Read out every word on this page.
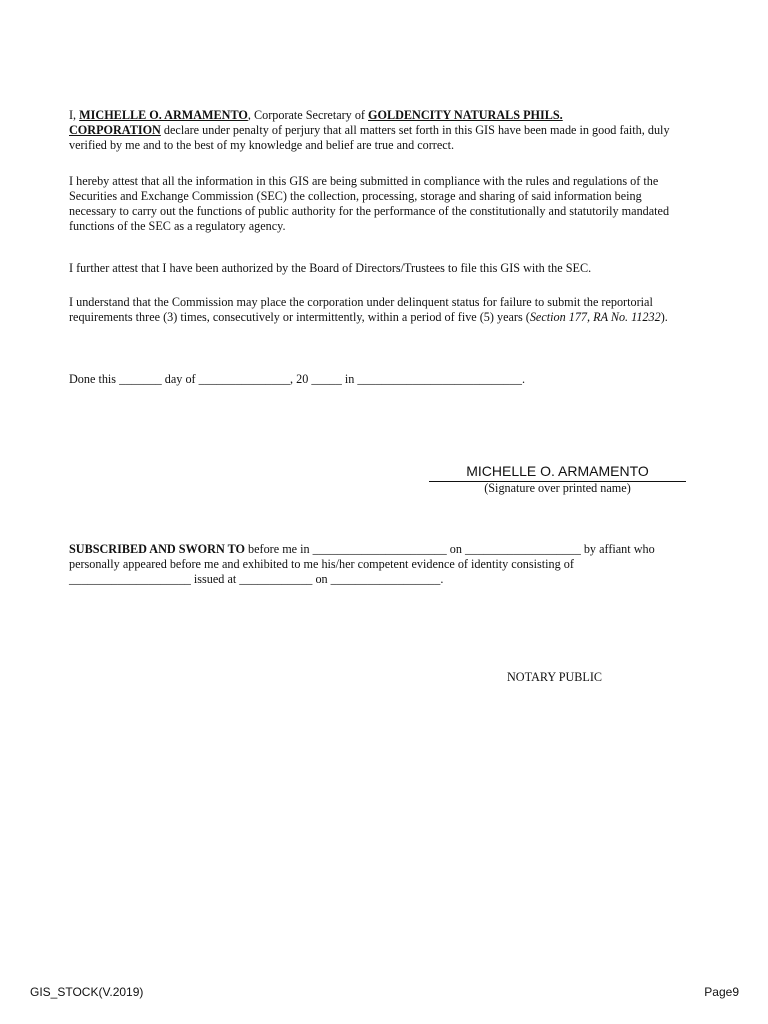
I, MICHELLE O. ARMAMENTO, Corporate Secretary of GOLDENCITY NATURALS PHILS.
CORPORATION declare under penalty of perjury that all matters set forth in this GIS have been made in good faith, duly verified by me and to the best of my knowledge and belief are true and correct.

I hereby attest that all the information in this GIS are being submitted in compliance with the rules and regulations of the Securities and Exchange Commission (SEC) the collection, processing, storage and sharing of said information being necessary to carry out the functions of public authority for the performance of the constitutionally and statutorily mandated functions of the SEC as a regulatory agency.

I further attest that I have been authorized by the Board of Directors/Trustees to file this GIS with the SEC.

I understand that the Commission may place the corporation under delinquent status for failure to submit the reportorial requirements three (3) times, consecutively or intermittently, within a period of five (5) years (Section 177, RA No. 11232).

Done this _______ day of _______________, 20 _____ in ___________________________.

MICHELLE O. ARMAMENTO
(Signature over printed name)

SUBSCRIBED AND SWORN TO before me in ______________________ on ___________________ by affiant who personally appeared before me and exhibited to me his/her competent evidence of identity consisting of ____________________ issued at ____________ on __________________.

NOTARY PUBLIC
GIS_STOCK(V.2019)	Page9
